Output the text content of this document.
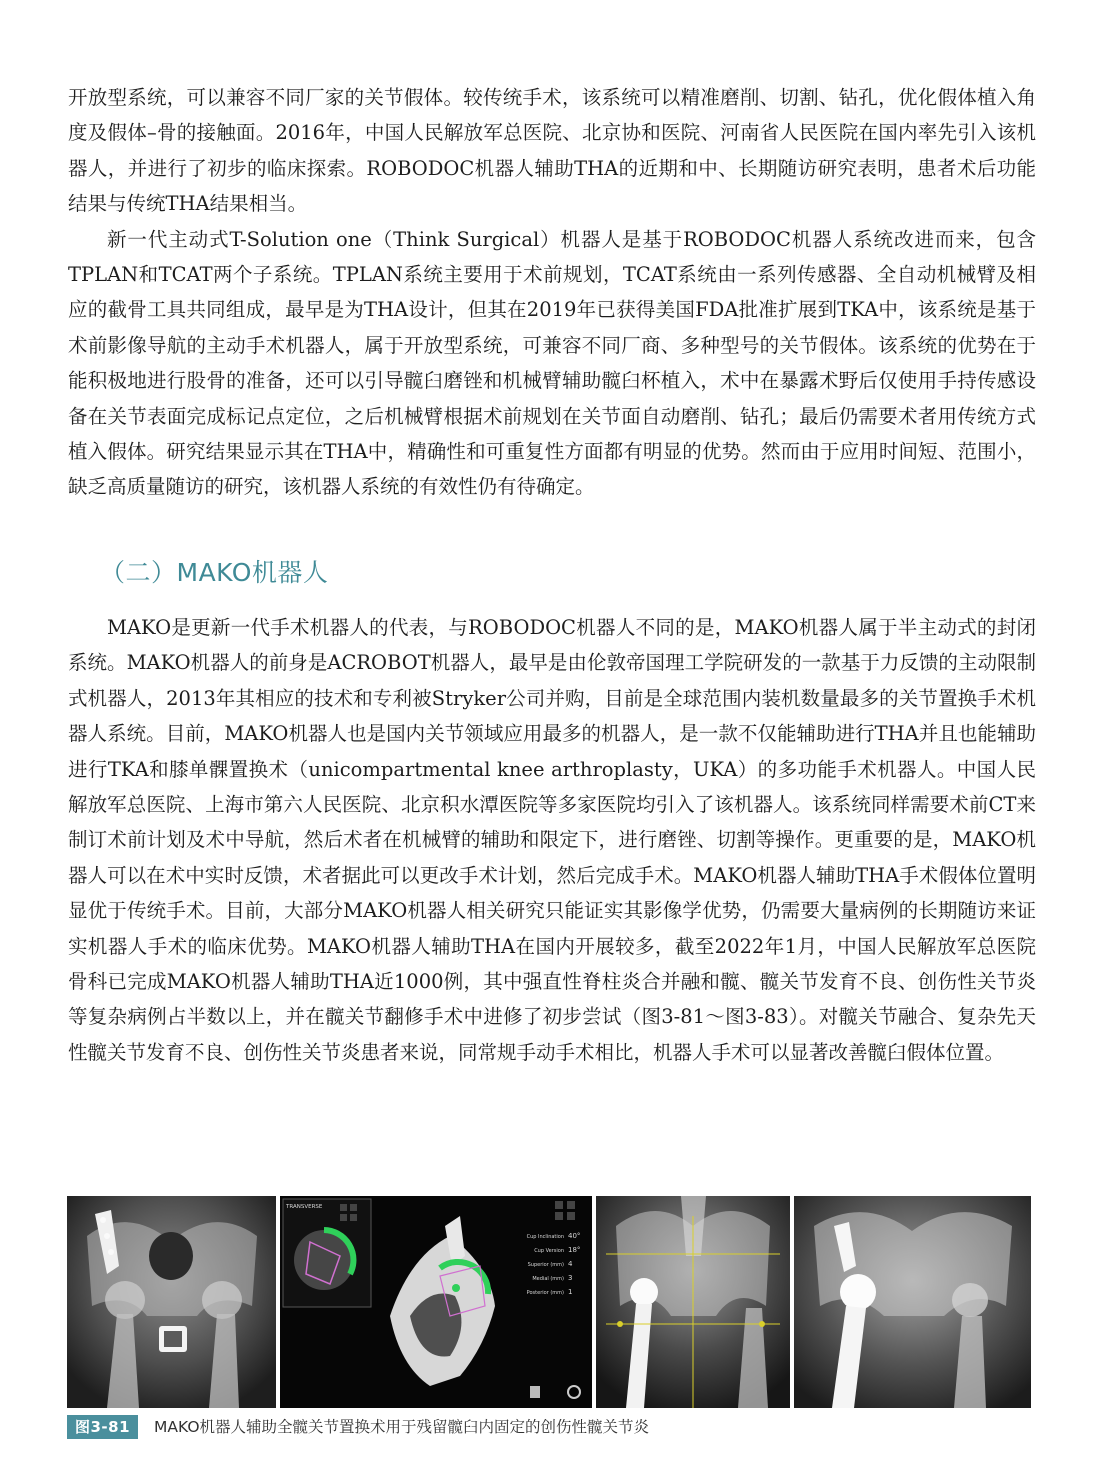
开放型系统，可以兼容不同厂家的关节假体。较传统手术，该系统可以精准磨削、切割、钻孔，优化假体植入角度及假体–骨的接触面。2016年，中国人民解放军总医院、北京协和医院、河南省人民医院在国内率先引入该机器人，并进行了初步的临床探索。ROBODOC机器人辅助THA的近期和中、长期随访研究表明，患者术后功能结果与传统THA结果相当。

新一代主动式T-Solution one（Think Surgical）机器人是基于ROBODOC机器人系统改进而来，包含TPLAN和TCAT两个子系统。TPLAN系统主要用于术前规划，TCAT系统由一系列传感器、全自动机械臂及相应的截骨工具共同组成，最早是为THA设计，但其在2019年已获得美国FDA批准扩展到TKA中，该系统是基于术前影像导航的主动手术机器人，属于开放型系统，可兼容不同厂商、多种型号的关节假体。该系统的优势在于能积极地进行股骨的准备，还可以引导髋臼磨锉和机械臂辅助髋臼杯植入，术中在暴露术野后仅使用手持传感设备在关节表面完成标记点定位，之后机械臂根据术前规划在关节面自动磨削、钻孔；最后仍需要术者用传统方式植入假体。研究结果显示其在THA中，精确性和可重复性方面都有明显的优势。然而由于应用时间短、范围小，缺乏高质量随访的研究，该机器人系统的有效性仍有待确定。

（二）MAKO机器人

MAKO是更新一代手术机器人的代表，与ROBODOC机器人不同的是，MAKO机器人属于半主动式的封闭系统。MAKO机器人的前身是ACROBOT机器人，最早是由伦敦帝国理工学院研发的一款基于力反馈的主动限制式机器人，2013年其相应的技术和专利被Stryker公司并购，目前是全球范围内装机数量最多的关节置换手术机器人系统。目前，MAKO机器人也是国内关节领域应用最多的机器人，是一款不仅能辅助进行THA并且也能辅助进行TKA和膝单髁置换术（unicompartmental knee arthroplasty，UKA）的多功能手术机器人。中国人民解放军总医院、上海市第六人民医院、北京积水潭医院等多家医院均引入了该机器人。该系统同样需要术前CT来制订术前计划及术中导航，然后术者在机械臂的辅助和限定下，进行磨锉、切割等操作。更重要的是，MAKO机器人可以在术中实时反馈，术者据此可以更改手术计划，然后完成手术。MAKO机器人辅助THA手术假体位置明显优于传统手术。目前，大部分MAKO机器人相关研究只能证实其影像学优势，仍需要大量病例的长期随访来证实机器人手术的临床优势。MAKO机器人辅助THA在国内开展较多，截至2022年1月，中国人民解放军总医院骨科已完成MAKO机器人辅助THA近1000例，其中强直性脊柱炎合并融和髋、髋关节发育不良、创伤性关节炎等复杂病例占半数以上，并在髋关节翻修手术中进修了初步尝试（图3-81～图3-83）。对髋关节融合、复杂先天性髋关节发育不良、创伤性关节炎患者来说，同常规手动手术相比，机器人手术可以显著改善髋臼假体位置。

TRANSVERSE
Cup Inclination 40°
Cup Version 18°
Superior (mm) 4
Medial (mm) 3
Posterior (mm) 1
图3-81	MAKO机器人辅助全髋关节置换术用于残留髋臼内固定的创伤性髋关节炎
